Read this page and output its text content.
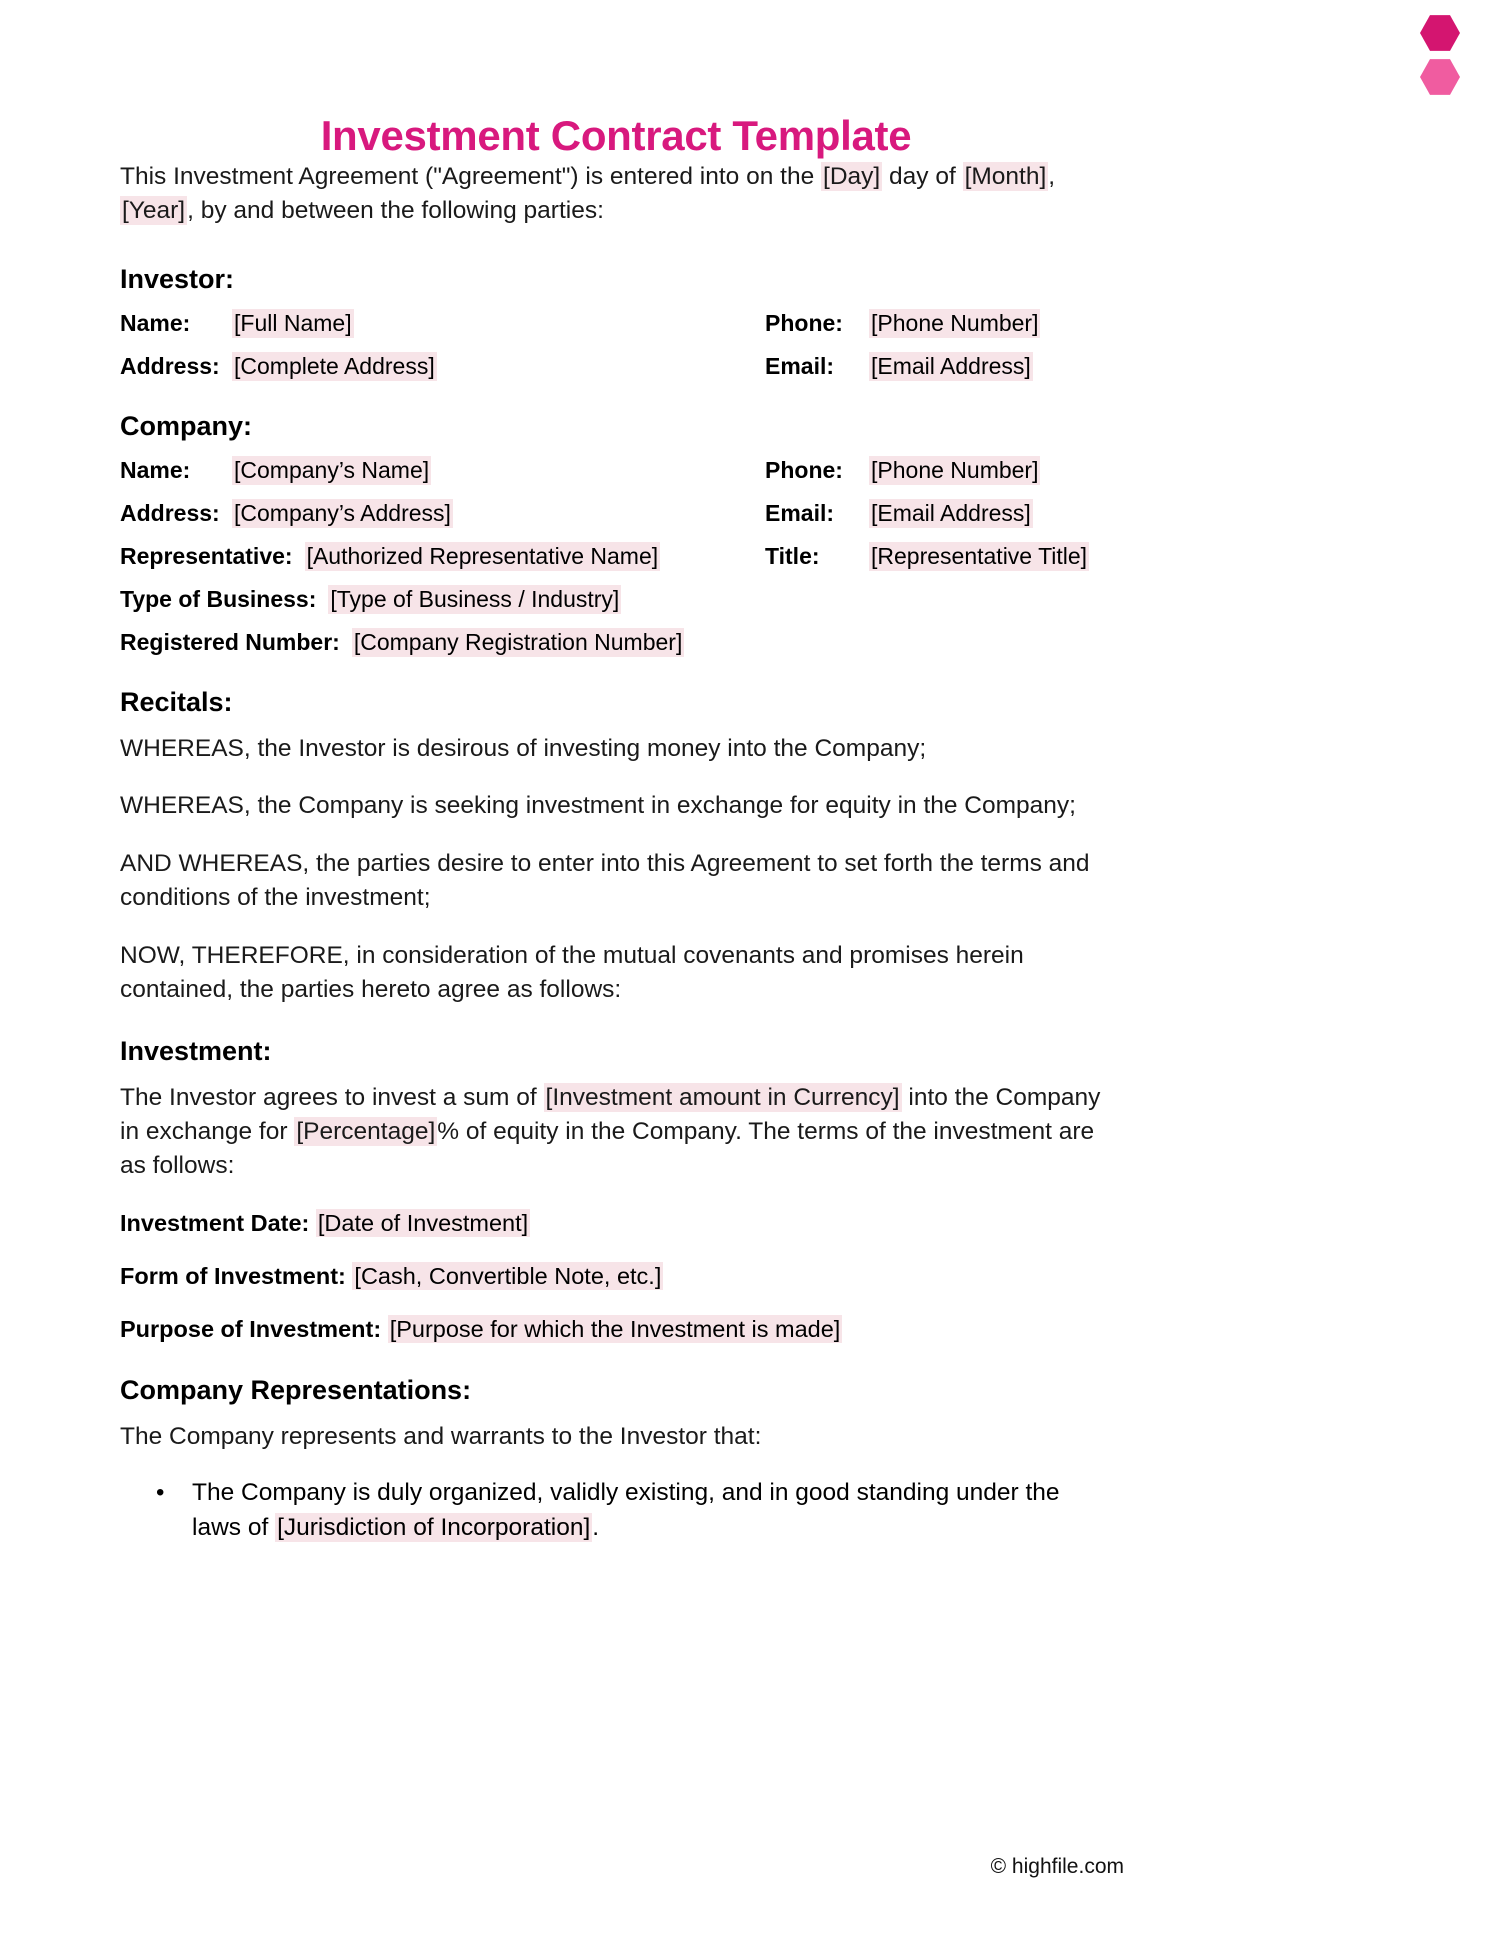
Investment Contract Template

This Investment Agreement ("Agreement") is entered into on the [Day] day of [Month], [Year], by and between the following parties:

Investor:
Name:	[Full Name]	Phone:	[Phone Number]
Address: [Complete Address]	Email:	[Email Address]
Company:
Name:	[Company’s Name]	Phone:	[Phone Number]
Address: [Company’s Address]	Email:	[Email Address]
Representative: [Authorized Representative Name]	Title:	[Representative Title]
Type of Business: [Type of Business / Industry]
Registered Number: [Company Registration Number]
Recitals:

WHEREAS, the Investor is desirous of investing money into the Company;

WHEREAS, the Company is seeking investment in exchange for equity in the Company;

AND WHEREAS, the parties desire to enter into this Agreement to set forth the terms and conditions of the investment;

NOW, THEREFORE, in consideration of the mutual covenants and promises herein contained, the parties hereto agree as follows:

Investment:

The Investor agrees to invest a sum of [Investment amount in Currency] into the Company in exchange for [Percentage]% of equity in the Company. The terms of the investment are as follows:

Investment Date: [Date of Investment]

Form of Investment: [Cash, Convertible Note, etc.]

Purpose of Investment: [Purpose for which the Investment is made]

Company Representations:

The Company represents and warrants to the Investor that:

• The Company is duly organized, validly existing, and in good standing under the laws of [Jurisdiction of Incorporation].
© highfile.com
